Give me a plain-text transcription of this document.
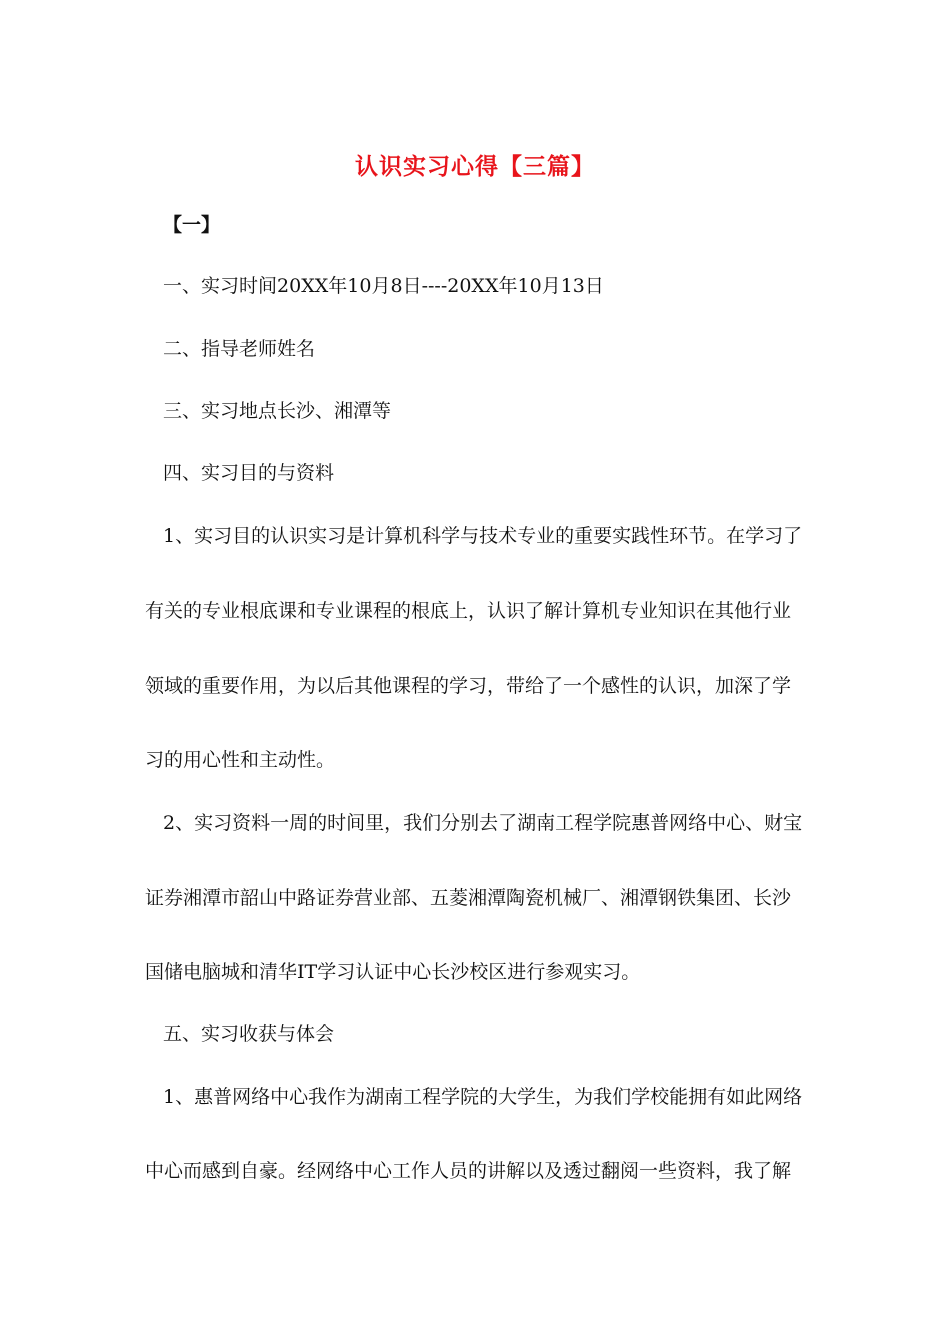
认识实习心得【三篇】
【一】
一、实习时间20XX年10月8日----20XX年10月13日
二、指导老师姓名
三、实习地点长沙、湘潭等
四、实习目的与资料
1、实习目的认识实习是计算机科学与技术专业的重要实践性环节。在学习了
有关的专业根底课和专业课程的根底上，认识了解计算机专业知识在其他行业
领域的重要作用，为以后其他课程的学习，带给了一个感性的认识，加深了学
习的用心性和主动性。
2、实习资料一周的时间里，我们分别去了湖南工程学院惠普网络中心、财宝
证券湘潭市韶山中路证券营业部、五菱湘潭陶瓷机械厂、湘潭钢铁集团、长沙
国储电脑城和清华IT学习认证中心长沙校区进行参观实习。
五、实习收获与体会
1、惠普网络中心我作为湖南工程学院的大学生，为我们学校能拥有如此网络
中心而感到自豪。经网络中心工作人员的讲解以及透过翻阅一些资料，我了解
